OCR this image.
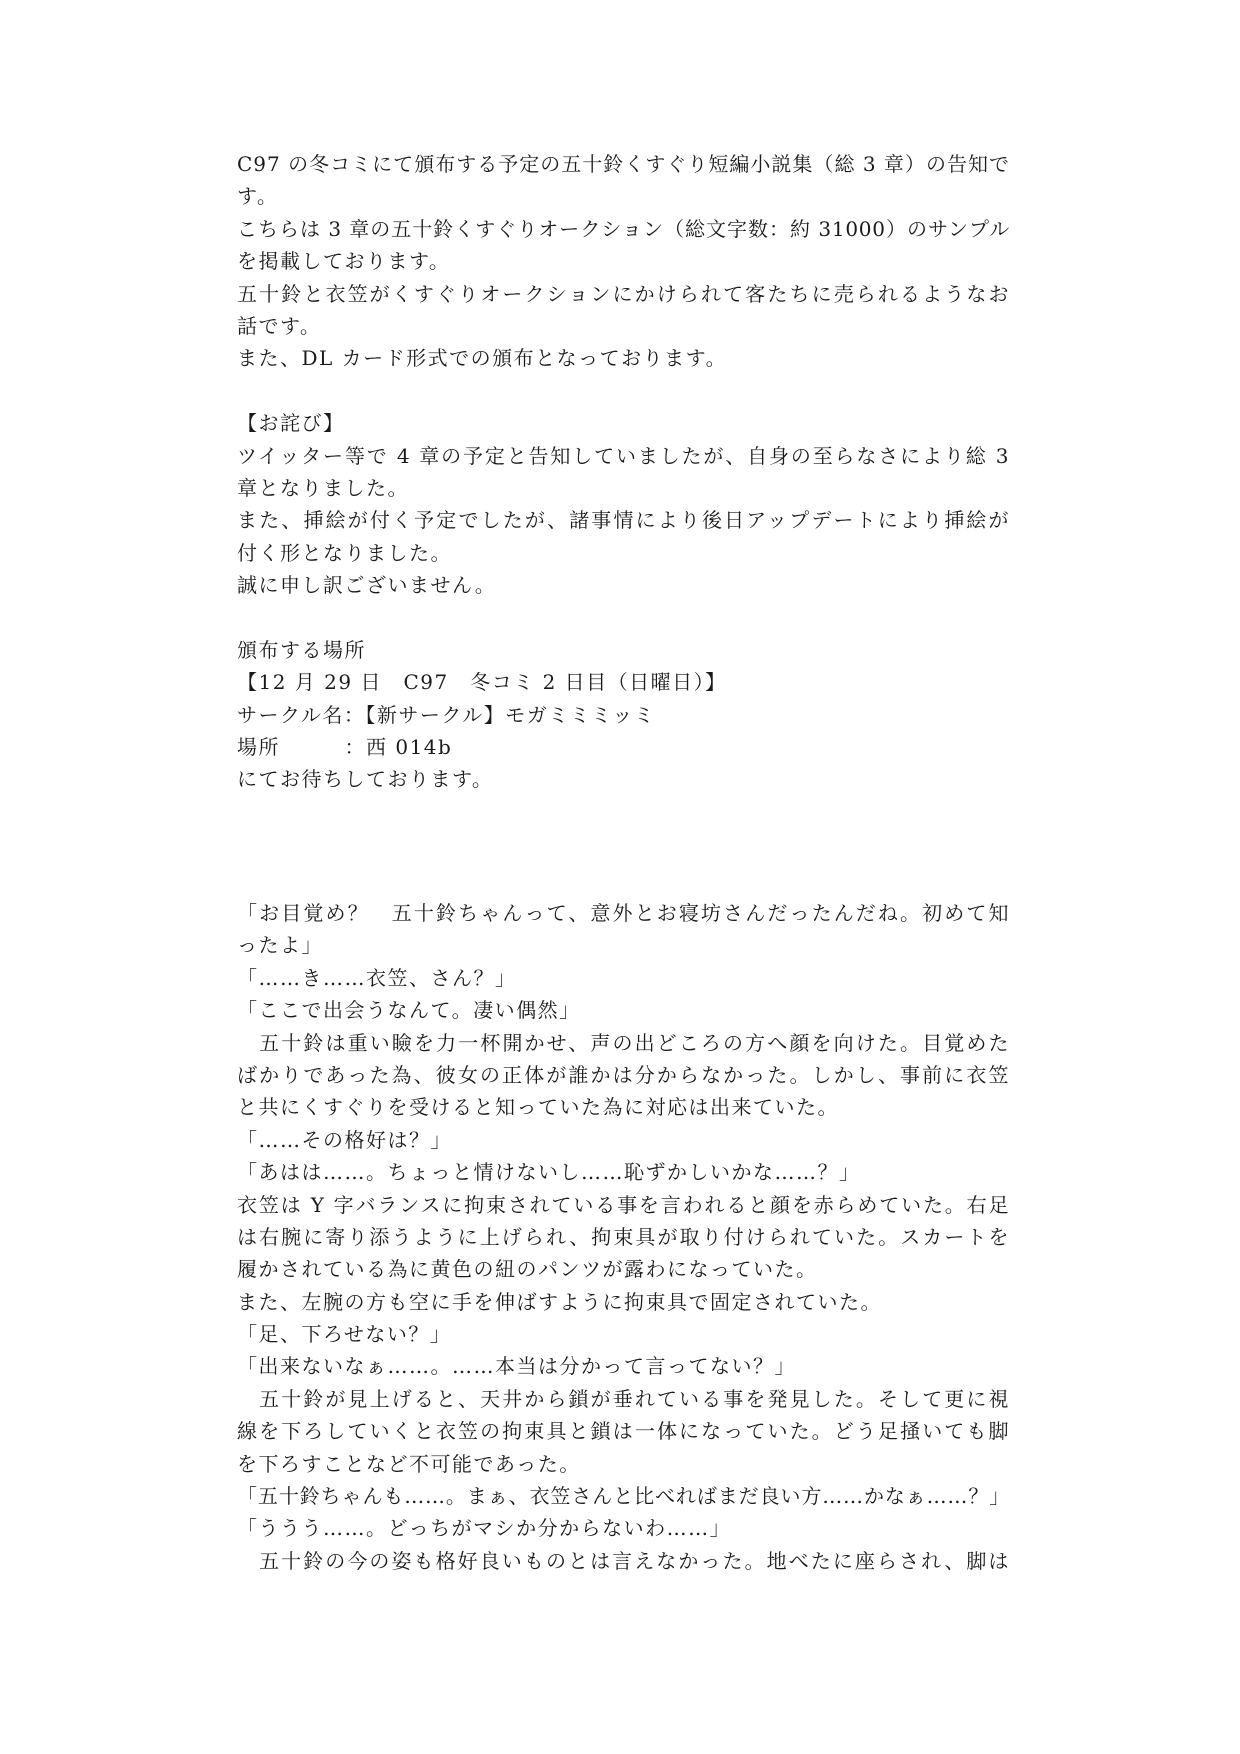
C97 の冬コミにて頒布する予定の五十鈴くすぐり短編小説集（総 3 章）の告知で
す。
こちらは 3 章の五十鈴くすぐりオークション（総文字数：約 31000）のサンプル
を掲載しております。
五十鈴と衣笠がくすぐりオークションにかけられて客たちに売られるようなお
話です。
また、DL カード形式での頒布となっております。
【お詫び】
ツイッター等で 4 章の予定と告知していましたが、自身の至らなさにより総 3
章となりました。
また、挿絵が付く予定でしたが、諸事情により後日アップデートにより挿絵が
付く形となりました。
誠に申し訳ございません。
頒布する場所
【12 月 29 日　C97　冬コミ 2 日目（日曜日）】
サークル名：【新サークル】モガミミミッミ
場所　　　：西 014b
にてお待ちしております。
「お目覚め？　五十鈴ちゃんって、意外とお寝坊さんだったんだね。初めて知
ったよ」
「……き……衣笠、さん？」
「ここで出会うなんて。凄い偶然」
　五十鈴は重い瞼を力一杯開かせ、声の出どころの方へ顔を向けた。目覚めた
ばかりであった為、彼女の正体が誰かは分からなかった。しかし、事前に衣笠
と共にくすぐりを受けると知っていた為に対応は出来ていた。
「……その格好は？」
「あはは……。ちょっと情けないし……恥ずかしいかな……？」
衣笠は Y 字バランスに拘束されている事を言われると顔を赤らめていた。右足
は右腕に寄り添うように上げられ、拘束具が取り付けられていた。スカートを
履かされている為に黄色の紐のパンツが露わになっていた。
また、左腕の方も空に手を伸ばすように拘束具で固定されていた。
「足、下ろせない？」
「出来ないなぁ……。……本当は分かって言ってない？」
　五十鈴が見上げると、天井から鎖が垂れている事を発見した。そして更に視
線を下ろしていくと衣笠の拘束具と鎖は一体になっていた。どう足掻いても脚
を下ろすことなど不可能であった。
「五十鈴ちゃんも……。まぁ、衣笠さんと比べればまだ良い方……かなぁ……？」
「ううう……。どっちがマシか分からないわ……」
　五十鈴の今の姿も格好良いものとは言えなかった。地べたに座らされ、脚は
